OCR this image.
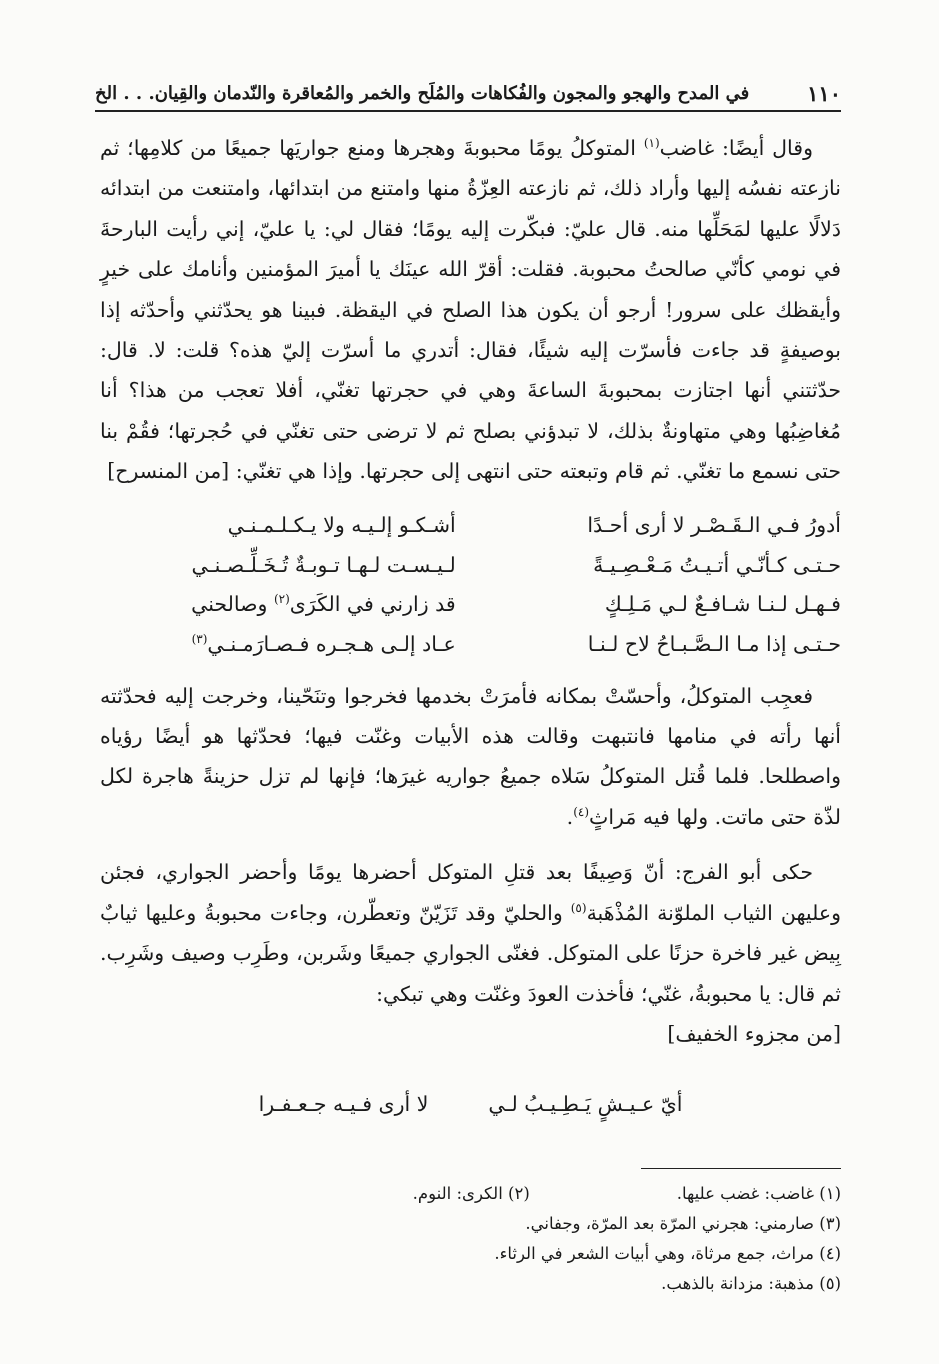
١١٠
في المدح والهجو والمجون والفُكاهات والمُلَح والخمر والمُعاقرة والنّدمان والقِيان. . . الخ

وقال أيضًا: غاضب$^{(١)}$ المتوكلُ يومًا محبوبةَ وهجرها ومنع جواريَها جميعًا من كلامِها؛ ثم نازعته نفسُه إليها وأراد ذلك، ثم نازعته العِزّةُ منها وامتنع من ابتدائها، وامتنعت من ابتدائه دَلالًا عليها لمَحَلِّها منه. قال عليّ: فبكّرت إليه يومًا؛ فقال لي: يا عليّ، إني رأيت البارحةَ في نومي كأنّي صالحتُ محبوبة. فقلت: أقرّ الله عينَك يا أميرَ المؤمنين وأنامك على خيرٍ وأيقظك على سرور! أرجو أن يكون هذا الصلح في اليقظة. فبينا هو يحدّثني وأحدّثه إذا بوصيفةٍ قد جاءت فأسرّت إليه شيئًا، فقال: أتدري ما أسرّت إليّ هذه؟ قلت: لا. قال: حدّثتني أنها اجتازت بمحبوبةَ الساعةَ وهي في حجرتها تغنّي، أفلا تعجب من هذا؟ أنا مُغاضِبُها وهي متهاونةٌ بذلك، لا تبدؤني بصلح ثم لا ترضى حتى تغنّي في حُجرتها؛ فقُمْ بنا حتى نسمع ما تغنّي. ثم قام وتبعته حتى انتهى إلى حجرتها. وإذا هي تغنّي: [من المنسرح]

أدورُ فـي الـقَـصْـر لا أرى أحـدًا
أشـكـو إلـيـه ولا يـكـلـمـنـي
حـتـى كـأنّـي أتـيـتُ مَـعْـصِـيـةً
لـيـسـت لـهـا تـوبـةٌ تُـخَـلِّـصـنـي
فـهـل لـنـا شـافـعٌ لـي مَـلِـكٍ
قد زارني في الكَرَى$^{(٢)}$ وصالحني
حـتـى إذا مـا الـصَّـبـاحُ لاح لـنـا
عـاد إلـى هـجـره فـصـارَمـنـي$^{(٣)}$

فعجِب المتوكلُ، وأحسّتْ بمكانه فأمرَتْ بخدمها فخرجوا وتنَحّينا، وخرجت إليه فحدّثته أنها رأته في منامها فانتبهت وقالت هذه الأبيات وغنّت فيها؛ فحدّثها هو أيضًا رؤياه واصطلحا. فلما قُتل المتوكلُ سَلاه جميعُ جواريه غيرَها؛ فإنها لم تزل حزينةً هاجرة لكل لذّة حتى ماتت. ولها فيه مَراثٍ$^{(٤)}$.

حكى أبو الفرج: أنّ وَصِيفًا بعد قتلِ المتوكل أحضرها يومًا وأحضر الجواري، فجئن وعليهن الثياب الملوّنة المُذْهَبة$^{(٥)}$ والحليّ وقد تَزَيّنّ وتعطّرن، وجاءت محبوبةُ وعليها ثيابٌ بِيض غير فاخرة حزنًا على المتوكل. فغنّى الجواري جميعًا وشَربن، وطَرِب وصيف وشَرِب. ثم قال: يا محبوبةُ، غنّي؛ فأخذت العودَ وغنّت وهي تبكي:

[من مجزوء الخفيف]

أيّ عـيـشٍ يَـطِـيـبُ لـي
لا أرى فـيـه جـعـفـرا
(١) غاضب: غضب عليها.
(٢) الكرى: النوم.
(٣) صارمني: هجرني المرّة بعد المرّة، وجفاني.
(٤) مراث، جمع مرثاة، وهي أبيات الشعر في الرثاء.
(٥) مذهبة: مزدانة بالذهب.
